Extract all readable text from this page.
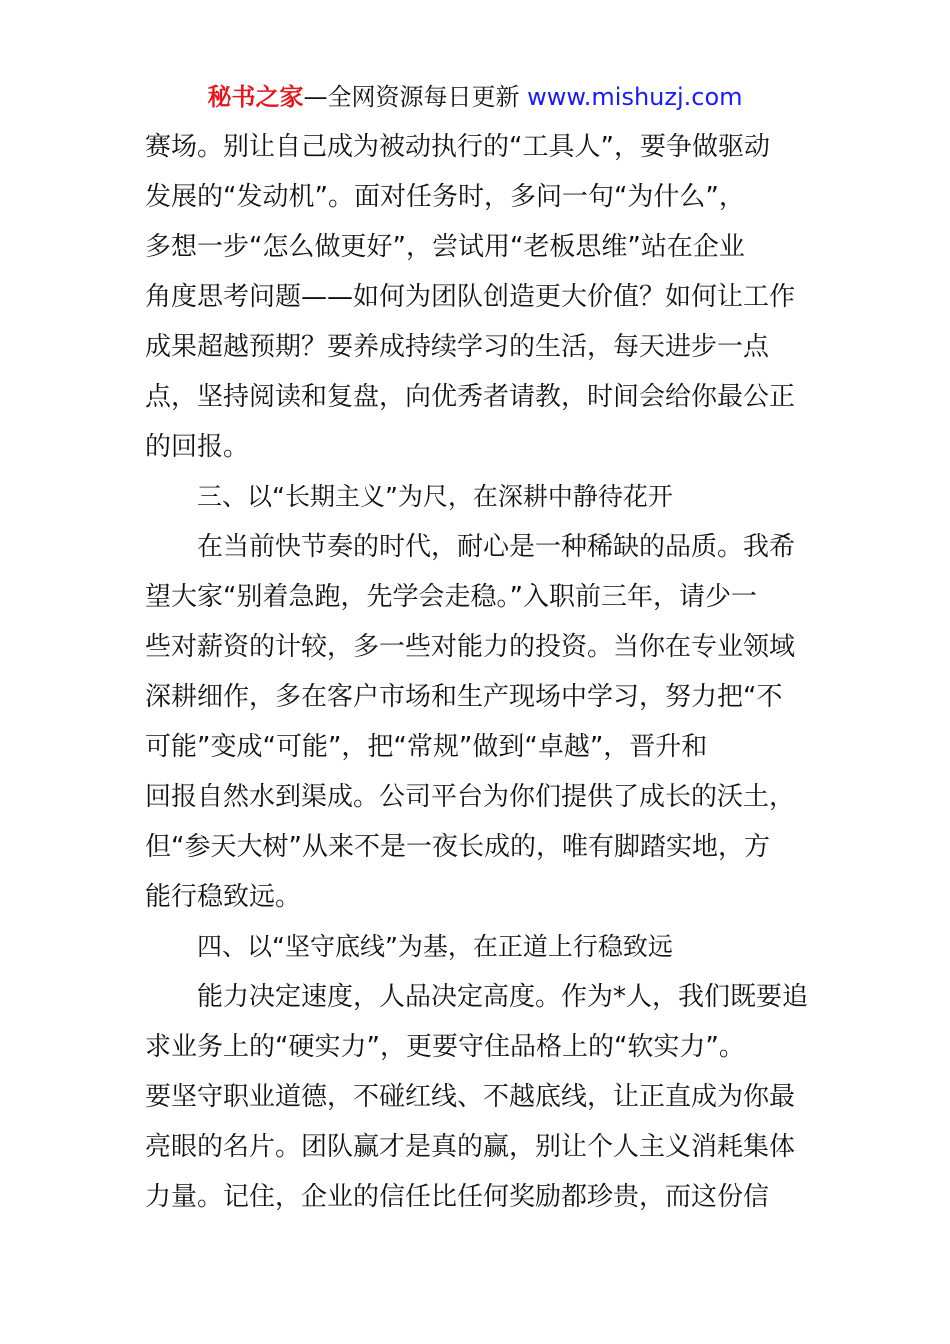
秘书之家—全网资源每日更新 www.mishuzj.com
赛场。别让自己成为被动执行的“工具人”，要争做驱动
发展的“发动机”。面对任务时，多问一句“为什么”，
多想一步“怎么做更好”，尝试用“老板思维”站在企业
角度思考问题——如何为团队创造更大价值？如何让工作
成果超越预期？要养成持续学习的生活，每天进步一点
点，坚持阅读和复盘，向优秀者请教，时间会给你最公正
的回报。
三、以“长期主义”为尺，在深耕中静待花开
在当前快节奏的时代，耐心是一种稀缺的品质。我希
望大家“别着急跑，先学会走稳。”入职前三年，请少一
些对薪资的计较，多一些对能力的投资。当你在专业领域
深耕细作，多在客户市场和生产现场中学习，努力把“不
可能”变成“可能”，把“常规”做到“卓越”，晋升和
回报自然水到渠成。公司平台为你们提供了成长的沃土，
但“参天大树”从来不是一夜长成的，唯有脚踏实地，方
能行稳致远。
四、以“坚守底线”为基，在正道上行稳致远
能力决定速度，人品决定高度。作为*人，我们既要追
求业务上的“硬实力”，更要守住品格上的“软实力”。
要坚守职业道德，不碰红线、不越底线，让正直成为你最
亮眼的名片。团队赢才是真的赢，别让个人主义消耗集体
力量。记住，企业的信任比任何奖励都珍贵，而这份信
